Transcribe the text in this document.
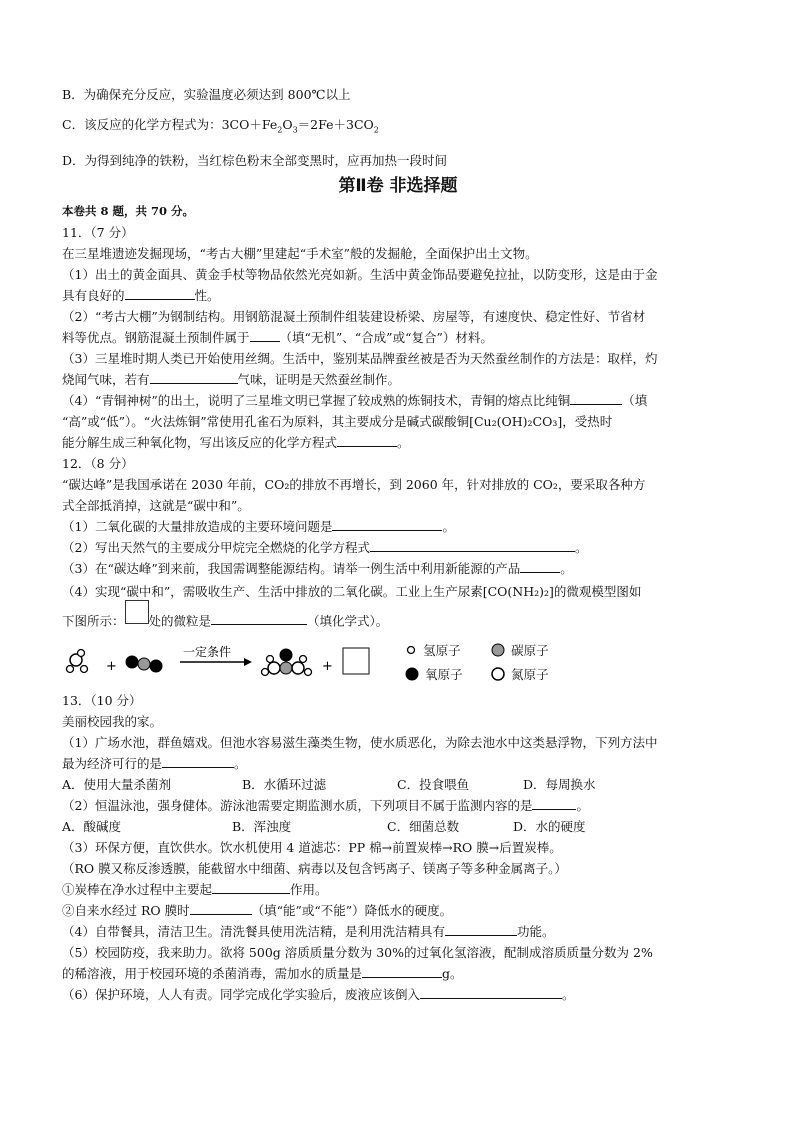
B．为确保充分反应，实验温度必须达到 800℃以上
C．该反应的化学方程式为：$3CO+Fe_2O_3=2Fe+3CO_2$
D．为得到纯净的铁粉，当红棕色粉末全部变黑时，应再加热一段时间
第Ⅱ卷 非选择题
本卷共 8 题，共 70 分。
11．（7 分）
在三星堆遗迹发掘现场，“考古大棚”里建起“手术室”般的发掘舱，全面保护出土文物。
（1）出土的黄金面具、黄金手杖等物品依然光亮如新。生活中黄金饰品要避免拉扯，以防变形，这是由于金
具有良好的	性。
（2）“考古大棚”为钢制结构。用钢筋混凝土预制件组装建设桥梁、房屋等，有速度快、稳定性好、节省材
料等优点。钢筋混凝土预制件属于 （填“无机”、“合成”或“复合”）材料。
（3）三星堆时期人类已开始使用丝绸。生活中，鉴别某品牌蚕丝被是否为天然蚕丝制作的方法是：取样，灼
烧闻气味，若有	气味，证明是天然蚕丝制作。
（4）“青铜神树”的出土，说明了三星堆文明已掌握了较成熟的炼铜技术，青铜的熔点比纯铜	（填
“高”或“低”）。“火法炼铜”常使用孔雀石为原料，其主要成分是碱式碳酸铜[Cu₂(OH)₂CO₃]，受热时
能分解生成三种氧化物，写出该反应的化学方程式	。
12．（8 分）
“碳达峰”是我国承诺在 2030 年前，CO₂的排放不再增长，到 2060 年，针对排放的 CO₂，要采取各种方
式全部抵消掉，这就是“碳中和”。
（1）二氧化碳的大量排放造成的主要环境问题是	。
（2）写出天然气的主要成分甲烷完全燃烧的化学方程式	。
（3）在“碳达峰”到来前，我国需调整能源结构。请举一例生活中利用新能源的产品	。
（4）实现“碳中和”，需吸收生产、生活中排放的二氧化碳。工业上生产尿素[CO(NH₂)₂]的微观模型图如
下图所示： 处的微粒是	（填化学式）。
+
一定条件
+
氢原子	碳原子
氧原子	氮原子
13．（10 分）
美丽校园我的家。
（1）广场水池，群鱼嬉戏。但池水容易滋生藻类生物，使水质恶化，为除去池水中这类悬浮物，下列方法中
最为经济可行的是	。
A．使用大量杀菌剂	B．水循环过滤	C．投食喂鱼	D．每周换水
（2）恒温泳池，强身健体。游泳池需要定期监测水质，下列项目不属于监测内容的是	。
A．酸碱度	B．浑浊度	C．细菌总数	D．水的硬度
（3）环保方便，直饮供水。饮水机使用 4 道滤芯：PP 棉→前置炭棒→RO 膜→后置炭棒。
（RO 膜又称反渗透膜，能截留水中细菌、病毒以及包含钙离子、镁离子等多种金属离子。）
①炭棒在净水过程中主要起	作用。
②自来水经过 RO 膜时	（填“能”或“不能”）降低水的硬度。
（4）自带餐具，清洁卫生。清洗餐具使用洗洁精，是利用洗洁精具有	功能。
（5）校园防疫，我来助力。欲将 500g 溶质质量分数为 30%的过氧化氢溶液，配制成溶质质量分数为 2%
的稀溶液，用于校园环境的杀菌消毒，需加水的质量是	g。
（6）保护环境，人人有责。同学完成化学实验后，废液应该倒入	。
